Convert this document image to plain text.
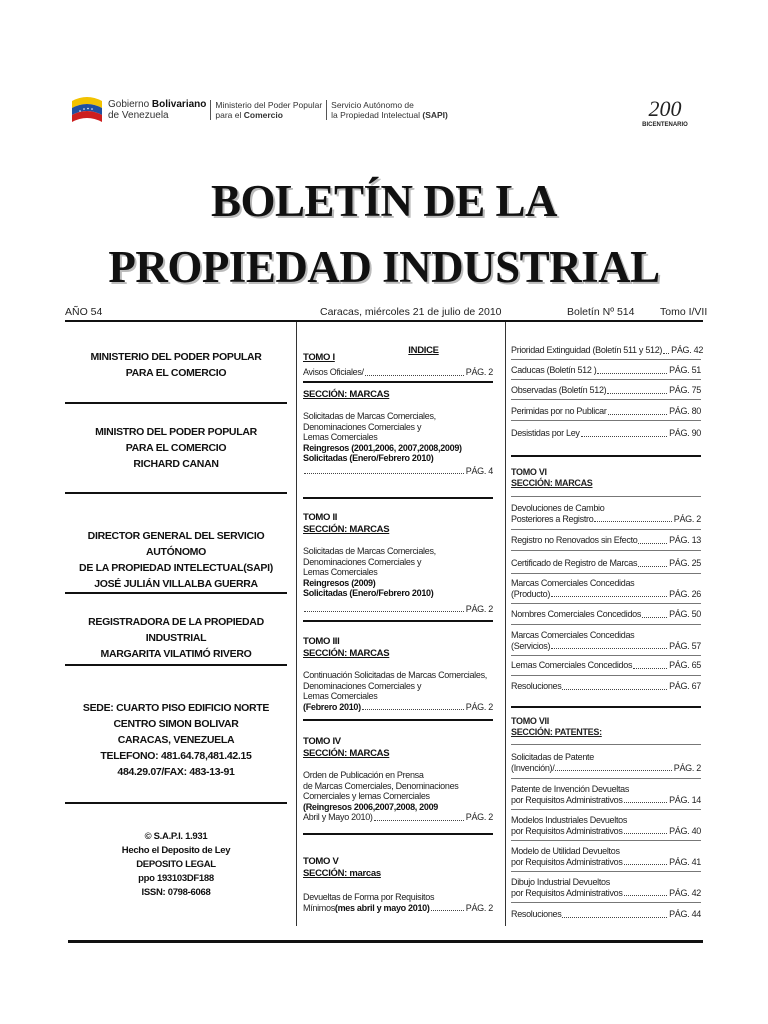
Gobierno Bolivariano
de Venezuela
Ministerio del Poder Popular
para el Comercio
Servicio Autónomo de
la Propiedad Intelectual (SAPI)	200
BICENTENARIO
BOLETÍN DE LA
PROPIEDAD INDUSTRIAL
AÑO 54	Caracas, miércoles 21 de julio de 2010	Boletín Nº 514 Tomo I/VII
MINISTERIO DEL PODER POPULAR
PARA EL COMERCIO
MINISTRO DEL PODER POPULAR
PARA EL COMERCIO
RICHARD CANAN
DIRECTOR GENERAL DEL SERVICIO AUTÓNOMO
DE LA PROPIEDAD INTELECTUAL(SAPI)
JOSÉ JULIÁN VILLALBA GUERRA
REGISTRADORA DE LA PROPIEDAD INDUSTRIAL
MARGARITA VILATIMÓ RIVERO
SEDE: CUARTO PISO EDIFICIO NORTE
CENTRO SIMON BOLIVAR
CARACAS, VENEZUELA
TELEFONO: 481.64.78,481.42.15
484.29.07/FAX: 483-13-91
© S.A.P.I. 1.931
Hecho el Deposito de Ley
DEPOSITO LEGAL
ppo 193103DF188
ISSN: 0798-6068
INDICE
TOMO I
Avisos Oficiales/	PÁG. 2
SECCIÓN: MARCAS
Solicitadas de Marcas Comerciales,
Denominaciones Comerciales y
Lemas Comerciales
Reingresos (2001,2006, 2007,2008,2009)
Solicitadas (Enero/Febrero 2010)
PÁG. 4
TOMO II
SECCIÓN: MARCAS
Solicitadas de Marcas Comerciales,
Denominaciones Comerciales y
Lemas Comerciales
Reingresos (2009)
Solicitadas (Enero/Febrero 2010)
PÁG. 2
TOMO III
SECCIÓN: MARCAS
Continuación Solicitadas de Marcas Comerciales,
Denominaciones Comerciales y
Lemas Comerciales
(Febrero 2010)	PÁG. 2
TOMO IV
SECCIÓN: MARCAS
Orden de Publicación en Prensa
de Marcas Comerciales, Denominaciones
Comerciales y lemas Comerciales
(Reingresos 2006,2007,2008, 2009
Abril y Mayo 2010)	PÁG. 2
TOMO V
SECCIÓN: marcas
Devueltas de Forma por Requisitos
Mínimos (mes abril y mayo 2010)	PÁG. 2
Prioridad Extinguidad (Boletín 511 y 512) PÁG. 42
Caducas (Boletín 512 )	PÁG. 51
Observadas (Boletín 512)	PÁG. 75
Perimidas por no Publicar	PÁG. 80
Desistidas por Ley	PÁG. 90
TOMO VI
SECCIÓN: MARCAS
Devoluciones de Cambio
Posteriores a Registro	PÁG. 2
Registro no Renovados sin Efecto	PÁG. 13
Certificado de Registro de Marcas	PÁG. 25
Marcas Comerciales Concedidas
(Producto)	PÁG. 26
Nombres Comerciales Concedidos	PÁG. 50
Marcas Comerciales Concedidas
(Servicios)	PÁG. 57
Lemas Comerciales Concedidos	PÁG. 65
Resoluciones	PÁG. 67
TOMO VII
SECCIÓN: PATENTES:
Solicitadas de Patente
(Invención)/	PÁG. 2
Patente de Invención Devueltas
por Requisitos Administrativos	PÁG. 14
Modelos Industriales Devueltos
por Requisitos Administrativos	PÁG. 40
Modelo de Utilidad Devueltos
por Requisitos Administrativos	PÁG. 41
Dibujo Industrial Devueltos
por Requisitos Administrativos	PÁG. 42
Resoluciones	PÁG. 44
